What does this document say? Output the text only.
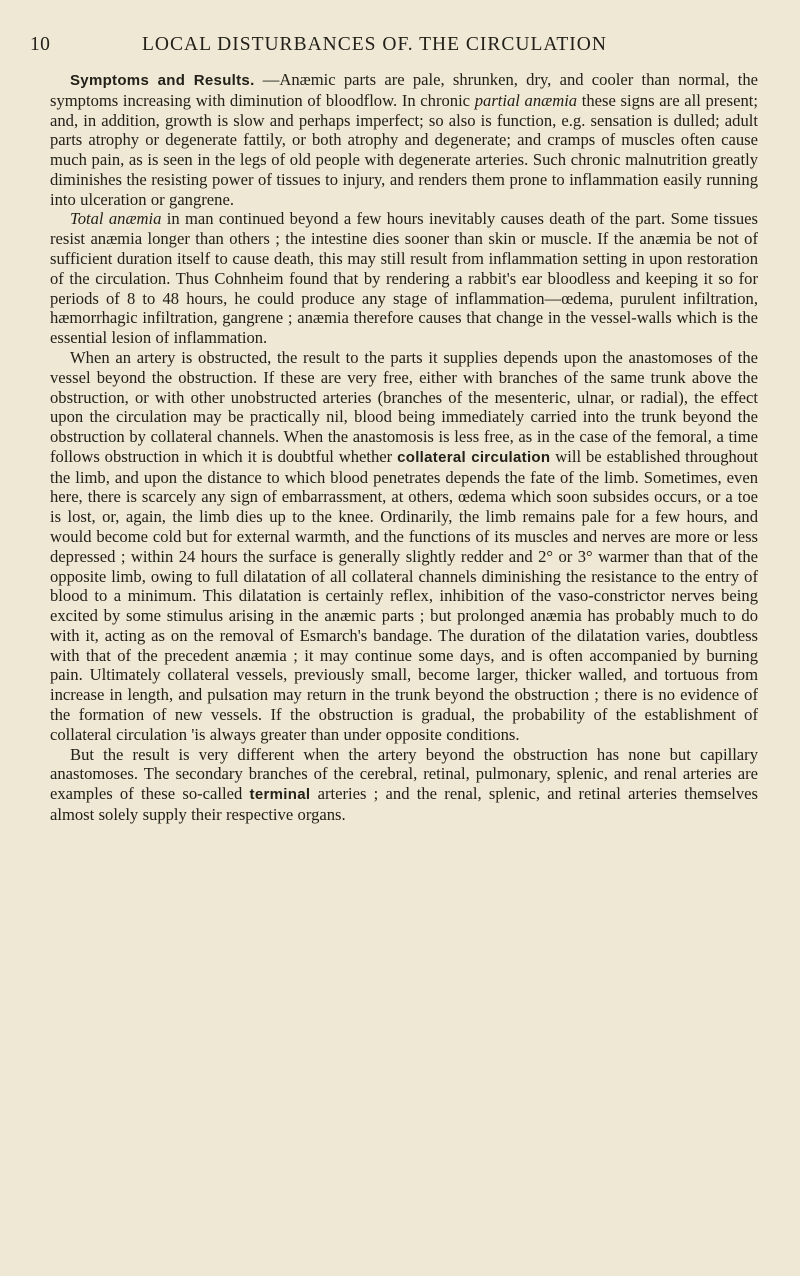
10	LOCAL DISTURBANCES OF. THE CIRCULATION

Symptoms and Results. —Anæmic parts are pale, shrunken, dry, and cooler than normal, the symptoms increasing with diminution of bloodflow. In chronic partial anæmia these signs are all present; and, in addition, growth is slow and perhaps imperfect; so also is function, e.g. sensation is dulled; adult parts atrophy or degenerate fattily, or both atrophy and degenerate; and cramps of muscles often cause much pain, as is seen in the legs of old people with degenerate arteries. Such chronic malnutrition greatly diminishes the resisting power of tissues to injury, and renders them prone to inflammation easily running into ulceration or gangrene.

Total anæmia in man continued beyond a few hours inevitably causes death of the part. Some tissues resist anæmia longer than others ; the intestine dies sooner than skin or muscle. If the anæmia be not of sufficient duration itself to cause death, this may still result from inflammation setting in upon restoration of the circulation. Thus Cohnheim found that by rendering a rabbit's ear bloodless and keeping it so for periods of 8 to 48 hours, he could produce any stage of inflammation—œdema, purulent infiltration, hæmorrhagic infiltration, gangrene ; anæmia therefore causes that change in the vessel-walls which is the essential lesion of inflammation.

When an artery is obstructed, the result to the parts it supplies depends upon the anastomoses of the vessel beyond the obstruction. If these are very free, either with branches of the same trunk above the obstruction, or with other unobstructed arteries (branches of the mesenteric, ulnar, or radial), the effect upon the circulation may be practically nil, blood being immediately carried into the trunk beyond the obstruction by collateral channels. When the anastomosis is less free, as in the case of the femoral, a time follows obstruction in which it is doubtful whether collateral circulation will be established throughout the limb, and upon the distance to which blood penetrates depends the fate of the limb. Sometimes, even here, there is scarcely any sign of embarrassment, at others, œdema which soon subsides occurs, or a toe is lost, or, again, the limb dies up to the knee. Ordinarily, the limb remains pale for a few hours, and would become cold but for external warmth, and the functions of its muscles and nerves are more or less depressed ; within 24 hours the surface is generally slightly redder and 2° or 3° warmer than that of the opposite limb, owing to full dilatation of all collateral channels diminishing the resistance to the entry of blood to a minimum. This dilatation is certainly reflex, inhibition of the vaso-constrictor nerves being excited by some stimulus arising in the anæmic parts ; but prolonged anæmia has probably much to do with it, acting as on the removal of Esmarch's bandage. The duration of the dilatation varies, doubtless with that of the precedent anæmia ; it may continue some days, and is often accompanied by burning pain. Ultimately collateral vessels, previously small, become larger, thicker walled, and tortuous from increase in length, and pulsation may return in the trunk beyond the obstruction ; there is no evidence of the formation of new vessels. If the obstruction is gradual, the probability of the establishment of collateral circulation 'is always greater than under opposite conditions.

But the result is very different when the artery beyond the obstruction has none but capillary anastomoses. The secondary branches of the cerebral, retinal, pulmonary, splenic, and renal arteries are examples of these so-called terminal arteries ; and the renal, splenic, and retinal arteries themselves almost solely supply their respective organs.
